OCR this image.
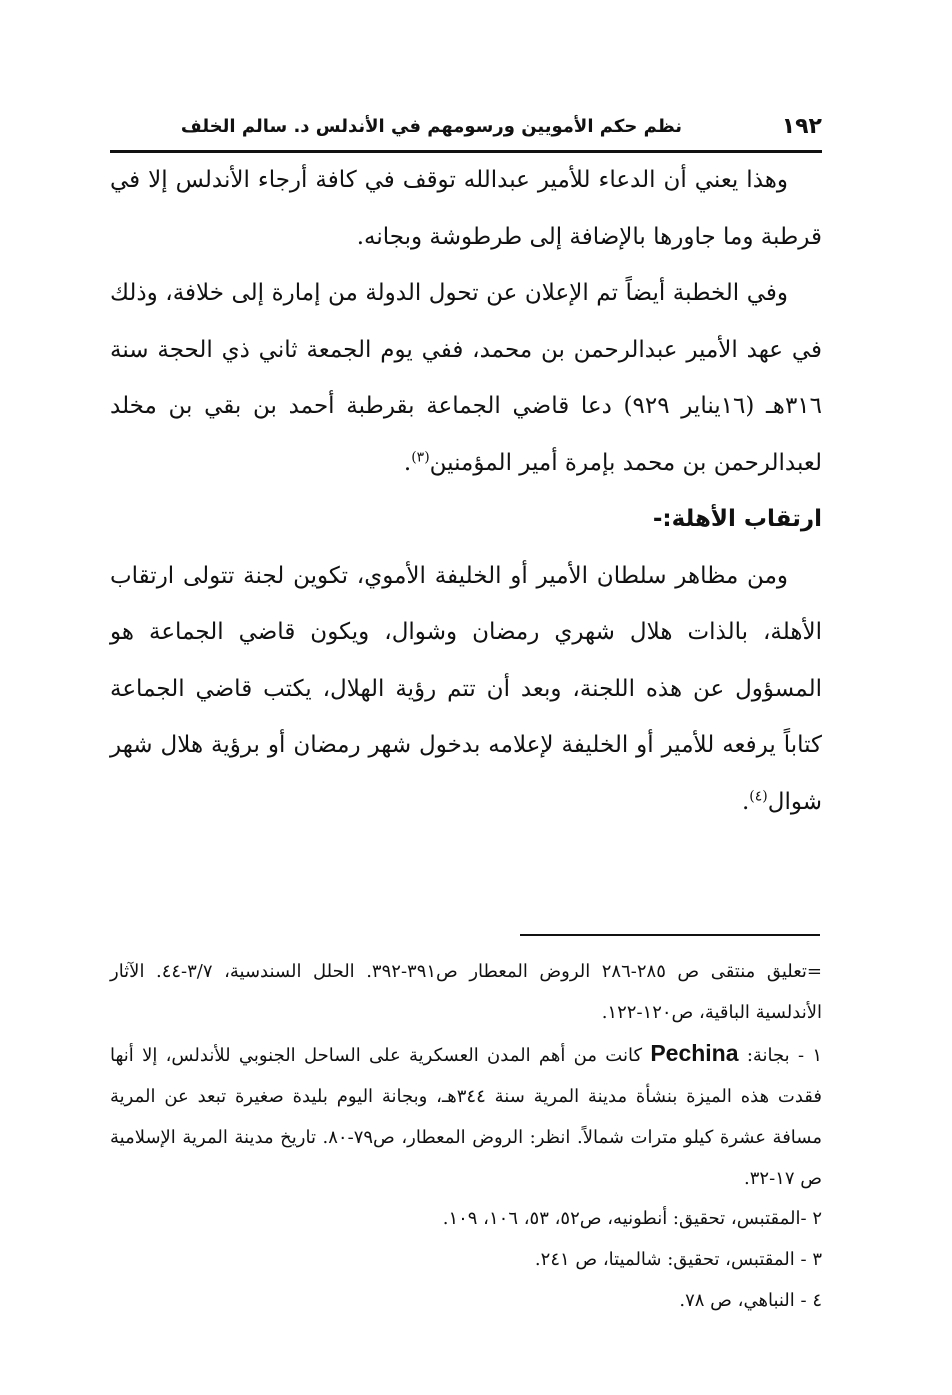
١٩٢
نظم حكم الأمويين ورسومهم في الأندلس د. سالم الخلف

وهذا يعني أن الدعاء للأمير عبدالله توقف في كافة أرجاء الأندلس إلا في قرطبة وما جاورها بالإضافة إلى طرطوشة وبجانه.

وفي الخطبة أيضاً تم الإعلان عن تحول الدولة من إمارة إلى خلافة، وذلك في عهد الأمير عبدالرحمن بن محمد، ففي يوم الجمعة ثاني ذي الحجة سنة ٣١٦هـ (١٦يناير ٩٢٩) دعا قاضي الجماعة بقرطبة أحمد بن بقي بن مخلد لعبدالرحمن بن محمد بإمرة أمير المؤمنين$^{(٣)}$.

ارتقاب الأهلة:-

ومن مظاهر سلطان الأمير أو الخليفة الأموي، تكوين لجنة تتولى ارتقاب الأهلة، بالذات هلال شهري رمضان وشوال، ويكون قاضي الجماعة هو المسؤول عن هذه اللجنة، وبعد أن تتم رؤية الهلال، يكتب قاضي الجماعة كتاباً يرفعه للأمير أو الخليفة لإعلامه بدخول شهر رمضان أو برؤية هلال شهر شوال$^{(٤)}$.

=تعليق منتقى ص ٢٨٥-٢٨٦ الروض المعطار ص٣٩١-٣٩٢. الحلل السندسية، ٣/٧-٤٤. الآثار الأندلسية الباقية، ص١٢٠-١٢٢.

١ - بجانة: Pechina كانت من أهم المدن العسكرية على الساحل الجنوبي للأندلس، إلا أنها فقدت هذه الميزة بنشأة مدينة المرية سنة ٣٤٤هـ، وبجانة اليوم بليدة صغيرة تبعد عن المرية مسافة عشرة كيلو مترات شمالاً. انظر: الروض المعطار، ص٧٩-٨٠. تاريخ مدينة المرية الإسلامية ص ١٧-٣٢.

٢ -المقتبس، تحقيق: أنطونيه، ص٥٢، ٥٣، ١٠٦، ١٠٩.

٣ - المقتبس، تحقيق: شالميتا، ص ٢٤١.

٤ - النباهي، ص ٧٨.
